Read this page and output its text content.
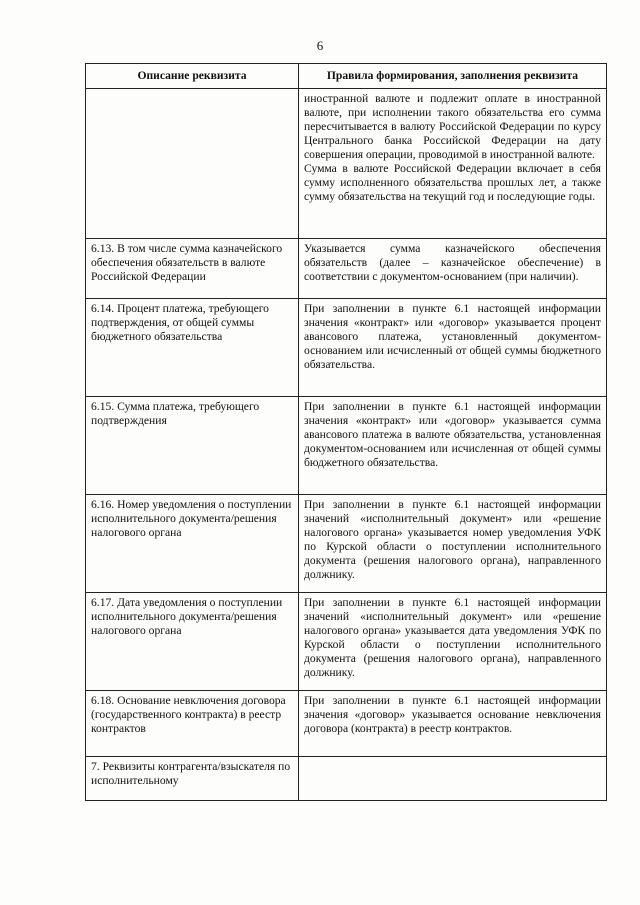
6
Описание реквизита	Правила формирования, заполнения реквизита

	иностранной валюте и подлежит оплате в иностранной валюте, при исполнении такого обязательства его сумма пересчитывается в валюту Российской Федерации по курсу Центрального банка Российской Федерации на дату совершения операции, проводимой в иностранной валюте.

Сумма в валюте Российской Федерации включает в себя сумму исполненного обязательства прошлых лет, а также сумму обязательства на текущий год и последующие годы.

6.13. В том числе сумма казначейского обеспечения обязательств в валюте Российской Федерации	Указывается сумма казначейского обеспечения обязательств (далее – казначейское обеспечение) в соответствии с документом-основанием (при наличии).

6.14. Процент платежа, требующего подтверждения, от общей суммы бюджетного обязательства	При заполнении в пункте 6.1 настоящей информации значения «контракт» или «договор» указывается процент авансового платежа, установленный документом-основанием или исчисленный от общей суммы бюджетного обязательства.

6.15. Сумма платежа, требующего подтверждения	При заполнении в пункте 6.1 настоящей информации значения «контракт» или «договор» указывается сумма авансового платежа в валюте обязательства, установленная документом-основанием или исчисленная от общей суммы бюджетного обязательства.

6.16. Номер уведомления о поступлении исполнительного документа/решения налогового органа	При заполнении в пункте 6.1 настоящей информации значений «исполнительный документ» или «решение налогового органа» указывается номер уведомления УФК по Курской области о поступлении исполнительного документа (решения налогового органа), направленного должнику.

6.17. Дата уведомления о поступлении исполнительного документа/решения налогового органа	При заполнении в пункте 6.1 настоящей информации значений «исполнительный документ» или «решение налогового органа» указывается дата уведомления УФК по Курской области о поступлении исполнительного документа (решения налогового органа), направленного должнику.

6.18. Основание невключения договора (государственного контракта) в реестр контрактов	При заполнении в пункте 6.1 настоящей информации значения «договор» указывается основание невключения договора (контракта) в реестр контрактов.

7. Реквизиты контрагента/взыскателя по исполнительному	
